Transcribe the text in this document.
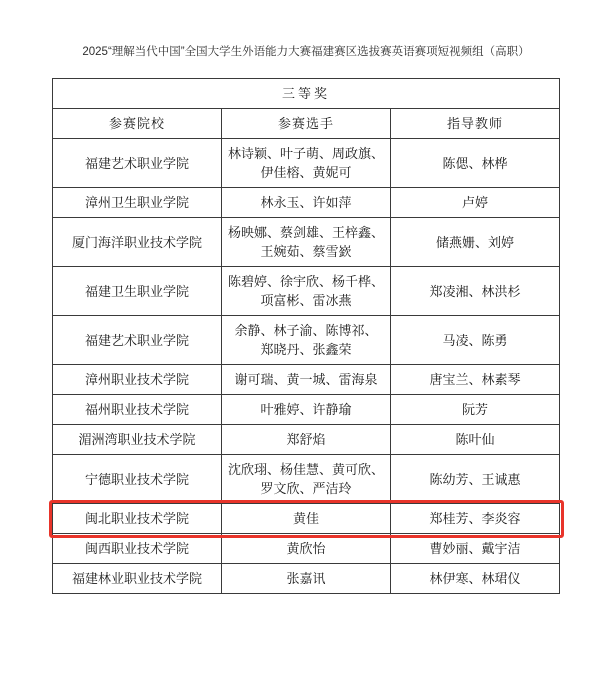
2025“理解当代中国”全国大学生外语能力大赛福建赛区选拔赛英语赛项短视频组（高职）
三等奖		
参赛院校	参赛选手	指导教师
福建艺术职业学院	林诗颖、叶子萌、周政旗、
伊佳榕、黄妮可	陈偲、林桦

漳州卫生职业学院	林永玉、许如萍	卢婷

厦门海洋职业技术学院	杨映娜、蔡剑雄、王梓鑫、
王婉茹、蔡雪嶔	储燕姗、刘婷

福建卫生职业学院	陈碧婷、徐宇欣、杨千桦、
项富彬、雷冰燕	郑凌湘、林洪杉

福建艺术职业学院	余静、林子渝、陈博祁、
郑晓丹、张鑫荣	马凌、陈勇

漳州职业技术学院	谢可瑞、黄一城、雷海泉	唐宝兰、林素琴

福州职业技术学院	叶雅婷、许静瑜	阮芳

湄洲湾职业技术学院	郑舒焰	陈叶仙

宁德职业技术学院	沈欣珝、杨佳慧、黄可欣、
罗文欣、严洁玲	陈幼芳、王诚惠

闽北职业技术学院	黄佳	郑桂芳、李炎容

闽西职业技术学院	黄欣怡	曹妙丽、戴宇洁

福建林业职业技术学院	张嘉讯	林伊寒、林珺仪
